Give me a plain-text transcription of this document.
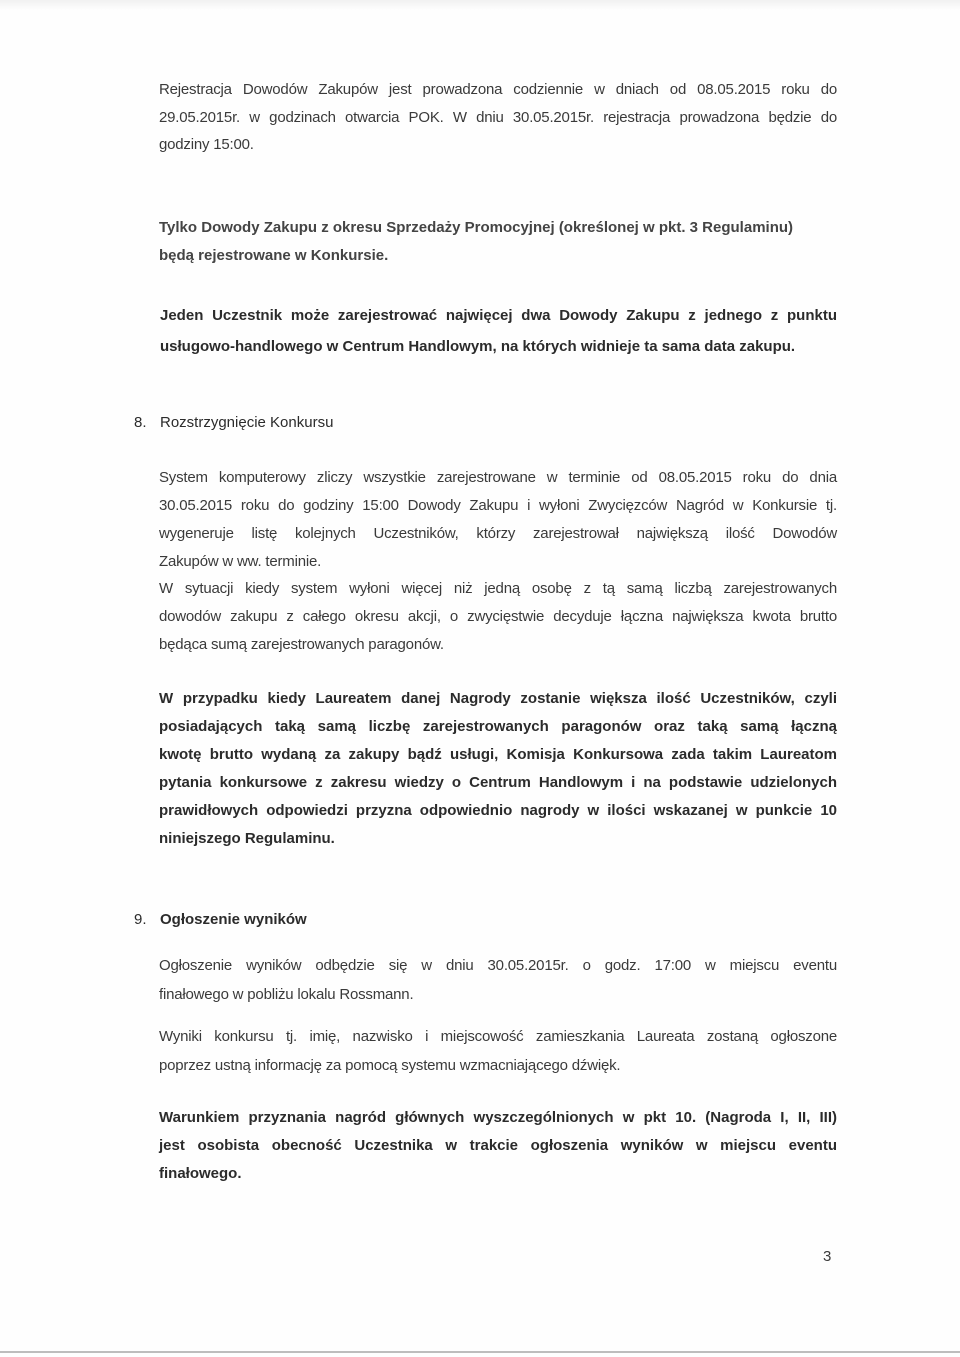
Rejestracja Dowodów Zakupów jest prowadzona codziennie w dniach od 08.05.2015 roku do
29.05.2015r. w godzinach otwarcia POK. W dniu 30.05.2015r. rejestracja prowadzona będzie do
godziny 15:00.
Tylko Dowody Zakupu z okresu Sprzedaży Promocyjnej (określonej w pkt. 3 Regulaminu)
będą rejestrowane w Konkursie.
Jeden Uczestnik może zarejestrować najwięcej dwa Dowody Zakupu z jednego z punktu
usługowo-handlowego w Centrum Handlowym, na których widnieje ta sama data zakupu.
8. Rozstrzygnięcie Konkursu
System komputerowy zliczy wszystkie zarejestrowane w terminie od 08.05.2015 roku do dnia
30.05.2015 roku do godziny 15:00 Dowody Zakupu i wyłoni Zwycięzców Nagród w Konkursie tj.
wygeneruje listę kolejnych Uczestników, którzy zarejestrował największą ilość Dowodów
Zakupów w ww. terminie.
W sytuacji kiedy system wyłoni więcej niż jedną osobę z tą samą liczbą zarejestrowanych
dowodów zakupu z całego okresu akcji, o zwycięstwie decyduje łączna największa kwota brutto
będąca sumą zarejestrowanych paragonów.
W przypadku kiedy Laureatem danej Nagrody zostanie większa ilość Uczestników, czyli
posiadających taką samą liczbę zarejestrowanych paragonów oraz taką samą łączną
kwotę brutto wydaną za zakupy bądź usługi, Komisja Konkursowa zada takim Laureatom
pytania konkursowe z zakresu wiedzy o Centrum Handlowym i na podstawie udzielonych
prawidłowych odpowiedzi przyzna odpowiednio nagrody w ilości wskazanej w punkcie 10
niniejszego Regulaminu.
9. Ogłoszenie wyników
Ogłoszenie wyników odbędzie się w dniu 30.05.2015r. o godz. 17:00 w miejscu eventu
finałowego w pobliżu lokalu Rossmann.
Wyniki konkursu tj. imię, nazwisko i miejscowość zamieszkania Laureata zostaną ogłoszone
poprzez ustną informację za pomocą systemu wzmacniającego dźwięk.
Warunkiem przyznania nagród głównych wyszczególnionych w pkt 10. (Nagroda I, II, III)
jest osobista obecność Uczestnika w trakcie ogłoszenia wyników w miejscu eventu
finałowego.
3
